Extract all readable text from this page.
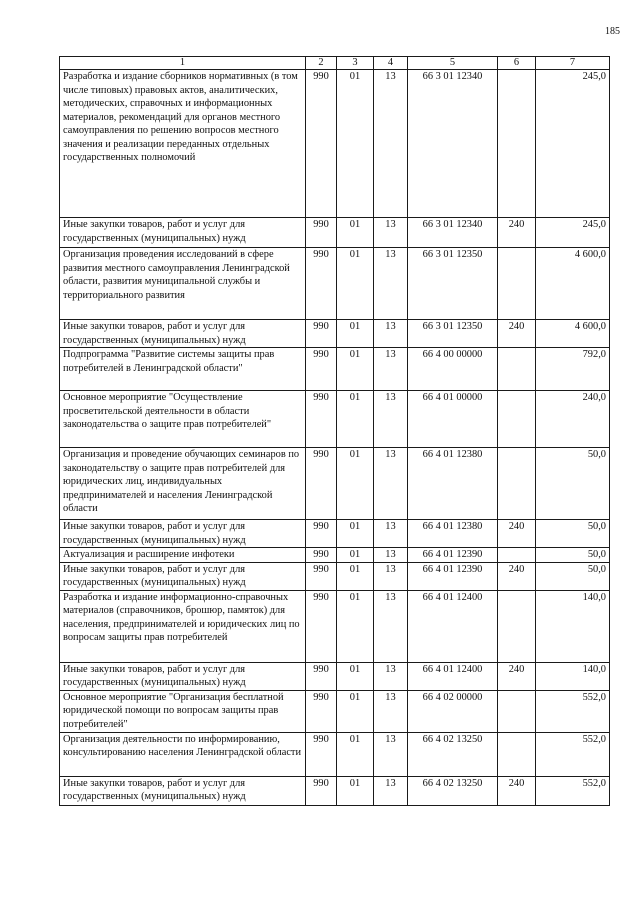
185
1	2	3	4	5	6	7
Разработка и издание сборников нормативных (в том числе типовых) правовых актов, аналитических, методических, справочных и информационных материалов, рекомендаций для органов местного самоуправления по решению вопросов местного значения и реализации переданных отдельных государственных полномочий	990	01	13	66 3 01 12340		245,0
Иные закупки товаров, работ и услуг для государственных (муниципальных) нужд	990	01	13	66 3 01 12340	240	245,0
Организация проведения исследований в сфере развития местного самоуправления Ленинградской области, развития муниципальной службы и территориального развития	990	01	13	66 3 01 12350		4 600,0
Иные закупки товаров, работ и услуг для государственных (муниципальных) нужд	990	01	13	66 3 01 12350	240	4 600,0
Подпрограмма "Развитие системы защиты прав потребителей в Ленинградской области"	990	01	13	66 4 00 00000		792,0
Основное мероприятие "Осуществление просветительской деятельности в области законодательства о защите прав потребителей"	990	01	13	66 4 01 00000		240,0
Организация и проведение обучающих семинаров по законодательству о защите прав потребителей для юридических лиц, индивидуальных предпринимателей и населения Ленинградской области	990	01	13	66 4 01 12380		50,0
Иные закупки товаров, работ и услуг для государственных (муниципальных) нужд	990	01	13	66 4 01 12380	240	50,0
Актуализация и расширение инфотеки	990	01	13	66 4 01 12390		50,0
Иные закупки товаров, работ и услуг для государственных (муниципальных) нужд	990	01	13	66 4 01 12390	240	50,0
Разработка и издание информационно-справочных материалов (справочников, брошюр, памяток) для населения, предпринимателей и юридических лиц по вопросам защиты прав потребителей	990	01	13	66 4 01 12400		140,0
Иные закупки товаров, работ и услуг для государственных (муниципальных) нужд	990	01	13	66 4 01 12400	240	140,0
Основное мероприятие "Организация бесплатной юридической помощи по вопросам защиты прав потребителей"	990	01	13	66 4 02 00000		552,0
Организация деятельности по информированию, консультированию населения Ленинградской области	990	01	13	66 4 02 13250		552,0
Иные закупки товаров, работ и услуг для государственных (муниципальных) нужд	990	01	13	66 4 02 13250	240	552,0
